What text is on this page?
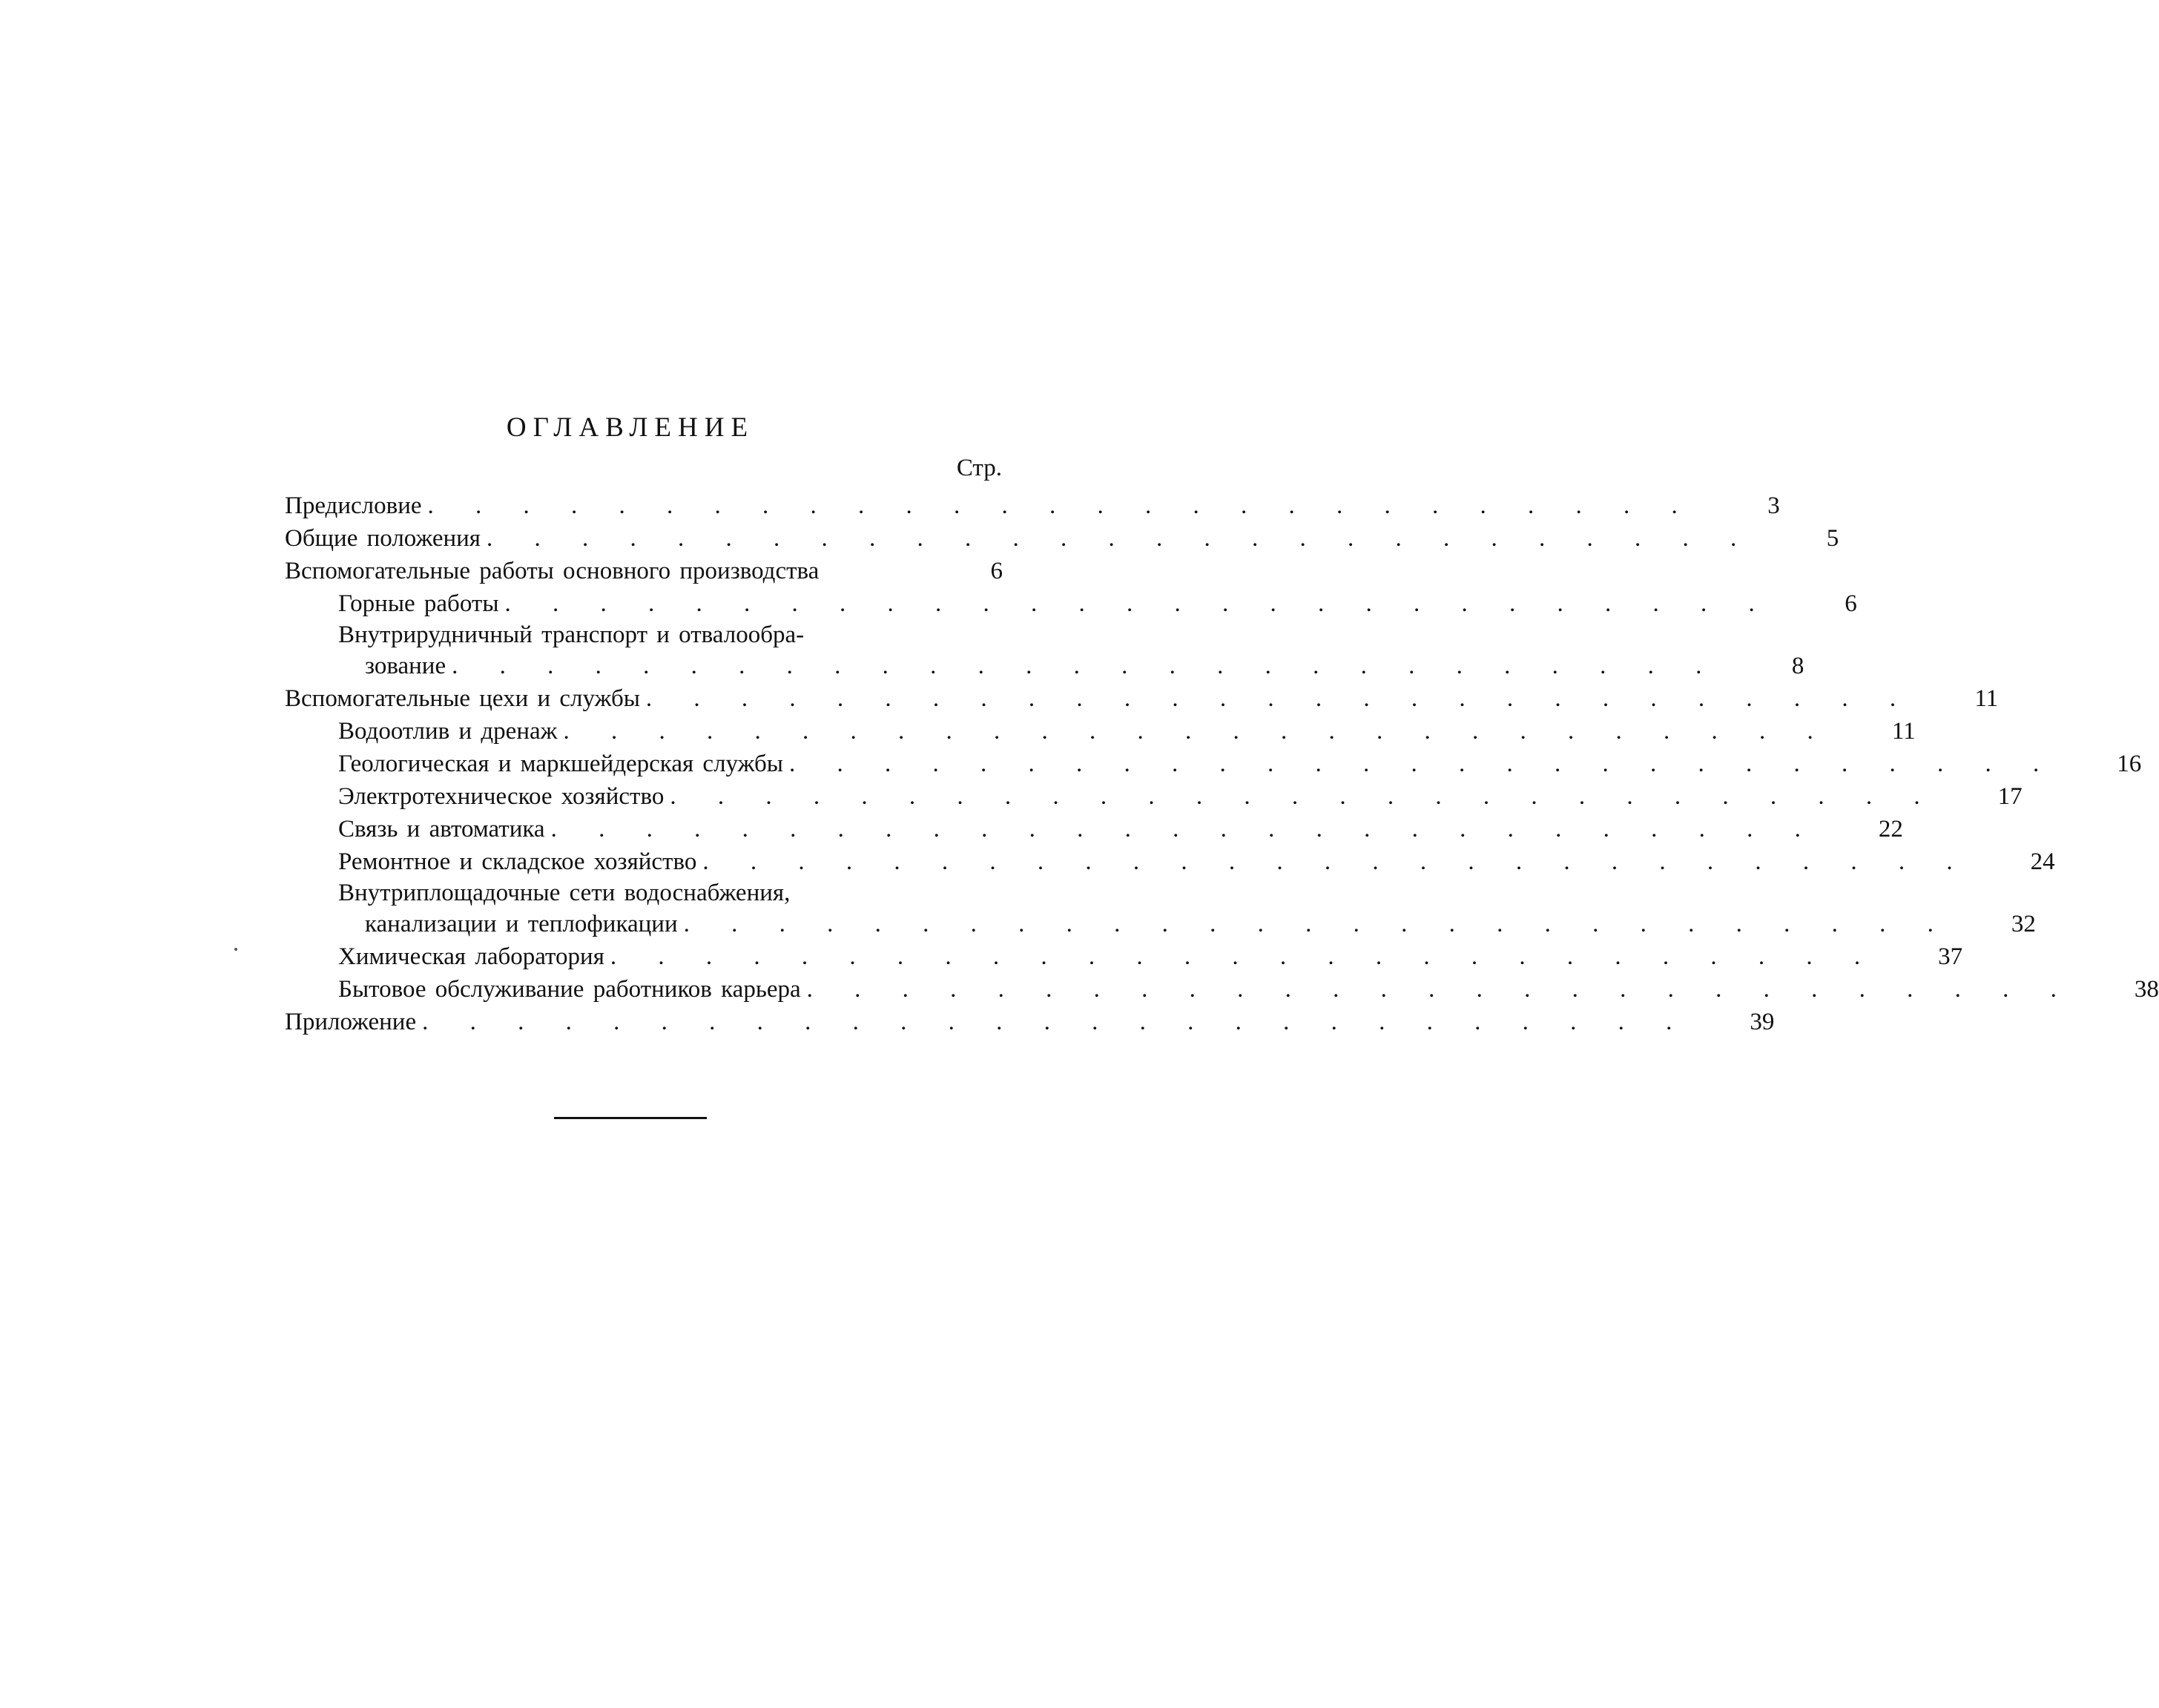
ОГЛАВЛЕНИЕ
Стр.
Предисловие . . . . . . . . . . . . . . . . . . . . . . . . . . .	3
Общие положения . . . . . . . . . . . . . . . . . . . . . . . . . . .	5
Вспомогательные работы основного производства	6
Горные работы . . . . . . . . . . . . . . . . . . . . . . . . . . .	6
Внутрирудничный транспорт и отвалообра-
зование . . . . . . . . . . . . . . . . . . . . . . . . . . .	8
Вспомогательные цехи и службы . . . . . . . . . . . . . . . . . . . . . . . . . . .	11
Водоотлив и дренаж . . . . . . . . . . . . . . . . . . . . . . . . . . .	11
Геологическая и маркшейдерская службы . . . . . . . . . . . . . . . . . . . . . . . . . . .	16
Электротехническое хозяйство . . . . . . . . . . . . . . . . . . . . . . . . . . .	17
Связь и автоматика . . . . . . . . . . . . . . . . . . . . . . . . . . .	22
Ремонтное и складское хозяйство . . . . . . . . . . . . . . . . . . . . . . . . . . .	24
Внутриплощадочные сети водоснабжения,
канализации и теплофикации . . . . . . . . . . . . . . . . . . . . . . . . . . .	32
Химическая лаборатория . . . . . . . . . . . . . . . . . . . . . . . . . . .	37
Бытовое обслуживание работников карьера . . . . . . . . . . . . . . . . . . . . . . . . . . .	38
Приложение . . . . . . . . . . . . . . . . . . . . . . . . . . .	39
